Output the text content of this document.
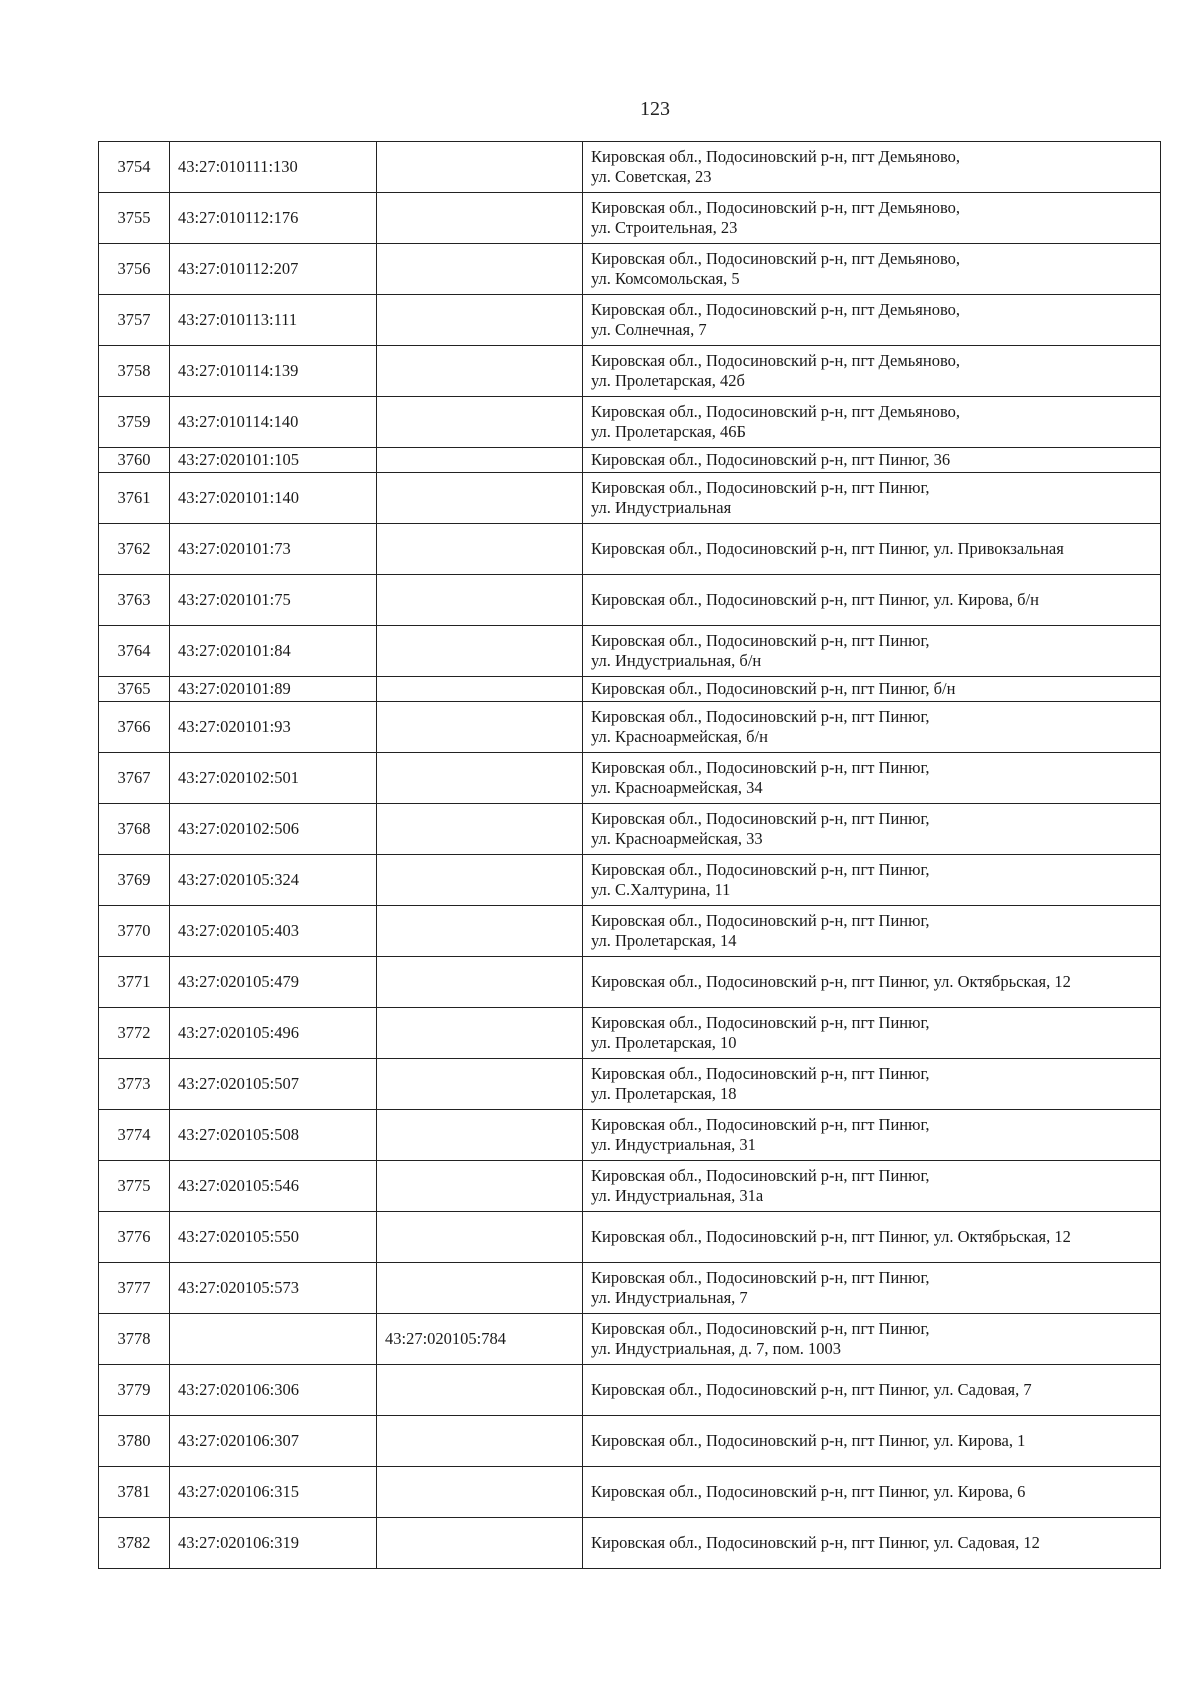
123
3754	43:27:010111:130		Кировская обл., Подосиновский р-н, пгт Демьяново,
ул. Советская, 23

3755	43:27:010112:176		Кировская обл., Подосиновский р-н, пгт Демьяново,
ул. Строительная, 23

3756	43:27:010112:207		Кировская обл., Подосиновский р-н, пгт Демьяново,
ул. Комсомольская, 5

3757	43:27:010113:111		Кировская обл., Подосиновский р-н, пгт Демьяново,
ул. Солнечная, 7

3758	43:27:010114:139		Кировская обл., Подосиновский р-н, пгт Демьяново,
ул. Пролетарская, 42б

3759	43:27:010114:140		Кировская обл., Подосиновский р-н, пгт Демьяново,
ул. Пролетарская, 46Б

3760	43:27:020101:105		Кировская обл., Подосиновский р-н, пгт Пинюг, 36

3761	43:27:020101:140		Кировская обл., Подосиновский р-н, пгт Пинюг,
ул. Индустриальная

3762	43:27:020101:73		Кировская обл., Подосиновский р-н, пгт Пинюг, ул. Привокзальная

3763	43:27:020101:75		Кировская обл., Подосиновский р-н, пгт Пинюг, ул. Кирова, б/н

3764	43:27:020101:84		Кировская обл., Подосиновский р-н, пгт Пинюг,
ул. Индустриальная, б/н

3765	43:27:020101:89		Кировская обл., Подосиновский р-н, пгт Пинюг, б/н

3766	43:27:020101:93		Кировская обл., Подосиновский р-н, пгт Пинюг,
ул. Красноармейская, б/н

3767	43:27:020102:501		Кировская обл., Подосиновский р-н, пгт Пинюг,
ул. Красноармейская, 34

3768	43:27:020102:506		Кировская обл., Подосиновский р-н, пгт Пинюг,
ул. Красноармейская, 33

3769	43:27:020105:324		Кировская обл., Подосиновский р-н, пгт Пинюг,
ул. С.Халтурина, 11

3770	43:27:020105:403		Кировская обл., Подосиновский р-н, пгт Пинюг,
ул. Пролетарская, 14

3771	43:27:020105:479		Кировская обл., Подосиновский р-н, пгт Пинюг, ул. Октябрьская, 12

3772	43:27:020105:496		Кировская обл., Подосиновский р-н, пгт Пинюг,
ул. Пролетарская, 10

3773	43:27:020105:507		Кировская обл., Подосиновский р-н, пгт Пинюг,
ул. Пролетарская, 18

3774	43:27:020105:508		Кировская обл., Подосиновский р-н, пгт Пинюг,
ул. Индустриальная, 31

3775	43:27:020105:546		Кировская обл., Подосиновский р-н, пгт Пинюг,
ул. Индустриальная, 31а

3776	43:27:020105:550		Кировская обл., Подосиновский р-н, пгт Пинюг, ул. Октябрьская, 12

3777	43:27:020105:573		Кировская обл., Подосиновский р-н, пгт Пинюг,
ул. Индустриальная, 7

3778		43:27:020105:784	Кировская обл., Подосиновский р-н, пгт Пинюг,
ул. Индустриальная, д. 7, пом. 1003

3779	43:27:020106:306		Кировская обл., Подосиновский р-н, пгт Пинюг, ул. Садовая, 7

3780	43:27:020106:307		Кировская обл., Подосиновский р-н, пгт Пинюг, ул. Кирова, 1

3781	43:27:020106:315		Кировская обл., Подосиновский р-н, пгт Пинюг, ул. Кирова, 6

3782	43:27:020106:319		Кировская обл., Подосиновский р-н, пгт Пинюг, ул. Садовая, 12
